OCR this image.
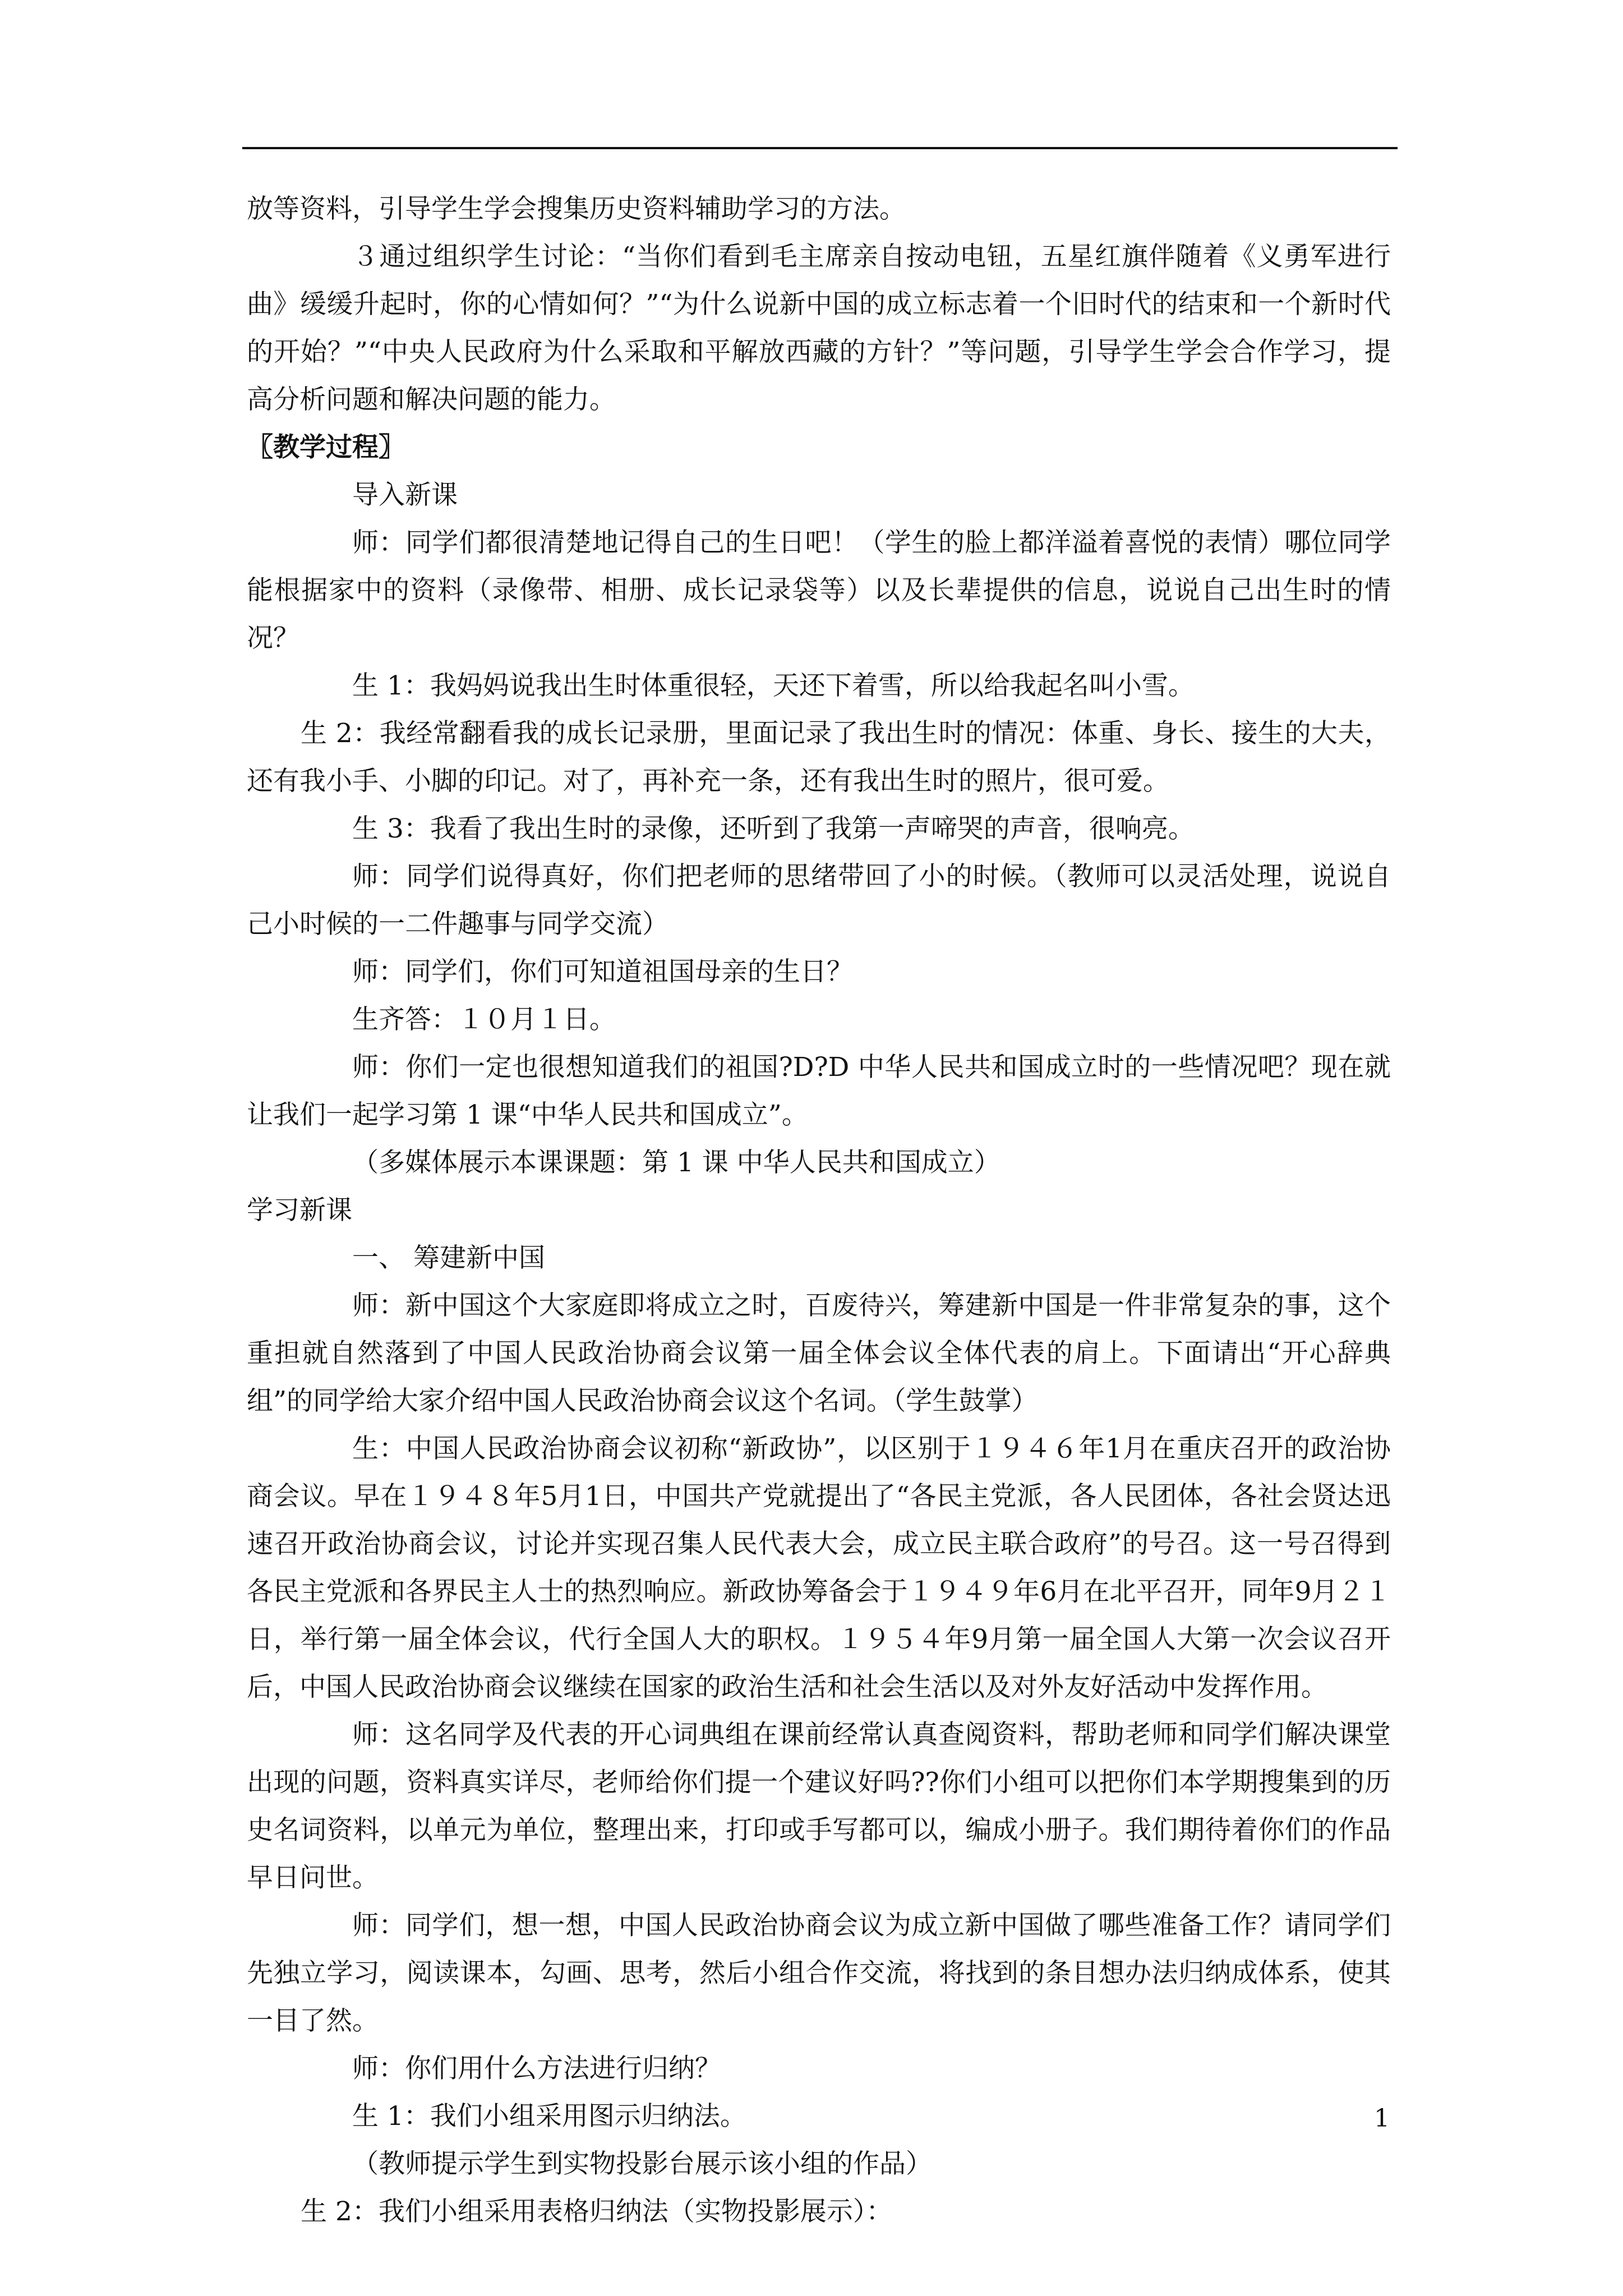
放等资料，引导学生学会搜集历史资料辅助学习的方法。

３通过组织学生讨论：“当你们看到毛主席亲自按动电钮，五星红旗伴随着《义勇军进行曲》缓缓升起时，你的心情如何？”“为什么说新中国的成立标志着一个旧时代的结束和一个新时代的开始？”“中央人民政府为什么采取和平解放西藏的方针？”等问题，引导学生学会合作学习，提高分析问题和解决问题的能力。

〖教学过程〗

导入新课

师：同学们都很清楚地记得自己的生日吧！（学生的脸上都洋溢着喜悦的表情）哪位同学能根据家中的资料（录像带、相册、成长记录袋等）以及长辈提供的信息，说说自己出生时的情况？

生 1：我妈妈说我出生时体重很轻，天还下着雪，所以给我起名叫小雪。

生 2：我经常翻看我的成长记录册，里面记录了我出生时的情况：体重、身长、接生的大夫，还有我小手、小脚的印记。对了，再补充一条，还有我出生时的照片，很可爱。

生 3：我看了我出生时的录像，还听到了我第一声啼哭的声音，很响亮。

师：同学们说得真好，你们把老师的思绪带回了小的时候。（教师可以灵活处理，说说自己小时候的一二件趣事与同学交流）

师：同学们，你们可知道祖国母亲的生日？

生齐答：１０月１日。

师：你们一定也很想知道我们的祖国?D?D 中华人民共和国成立时的一些情况吧？现在就让我们一起学习第 1 课“中华人民共和国成立”。

（多媒体展示本课课题：第 1 课 中华人民共和国成立）

学习新课

一、 筹建新中国

师：新中国这个大家庭即将成立之时，百废待兴，筹建新中国是一件非常复杂的事，这个重担就自然落到了中国人民政治协商会议第一届全体会议全体代表的肩上。下面请出“开心辞典组”的同学给大家介绍中国人民政治协商会议这个名词。（学生鼓掌）

生：中国人民政治协商会议初称“新政协”，以区别于１９４６年1月在重庆召开的政治协商会议。早在１９４８年5月1日，中国共产党就提出了“各民主党派，各人民团体，各社会贤达迅速召开政治协商会议，讨论并实现召集人民代表大会，成立民主联合政府”的号召。这一号召得到各民主党派和各界民主人士的热烈响应。新政协筹备会于１９４９年6月在北平召开，同年9月２１日，举行第一届全体会议，代行全国人大的职权。１９５４年9月第一届全国人大第一次会议召开后，中国人民政治协商会议继续在国家的政治生活和社会生活以及对外友好活动中发挥作用。

师：这名同学及代表的开心词典组在课前经常认真查阅资料，帮助老师和同学们解决课堂出现的问题，资料真实详尽，老师给你们提一个建议好吗??你们小组可以把你们本学期搜集到的历史名词资料，以单元为单位，整理出来，打印或手写都可以，编成小册子。我们期待着你们的作品早日问世。

师：同学们，想一想，中国人民政治协商会议为成立新中国做了哪些准备工作？请同学们先独立学习，阅读课本，勾画、思考，然后小组合作交流，将找到的条目想办法归纳成体系，使其一目了然。

师：你们用什么方法进行归纳？

生 1：我们小组采用图示归纳法。

（教师提示学生到实物投影台展示该小组的作品）

生 2：我们小组采用表格归纳法（实物投影展示）：

1
